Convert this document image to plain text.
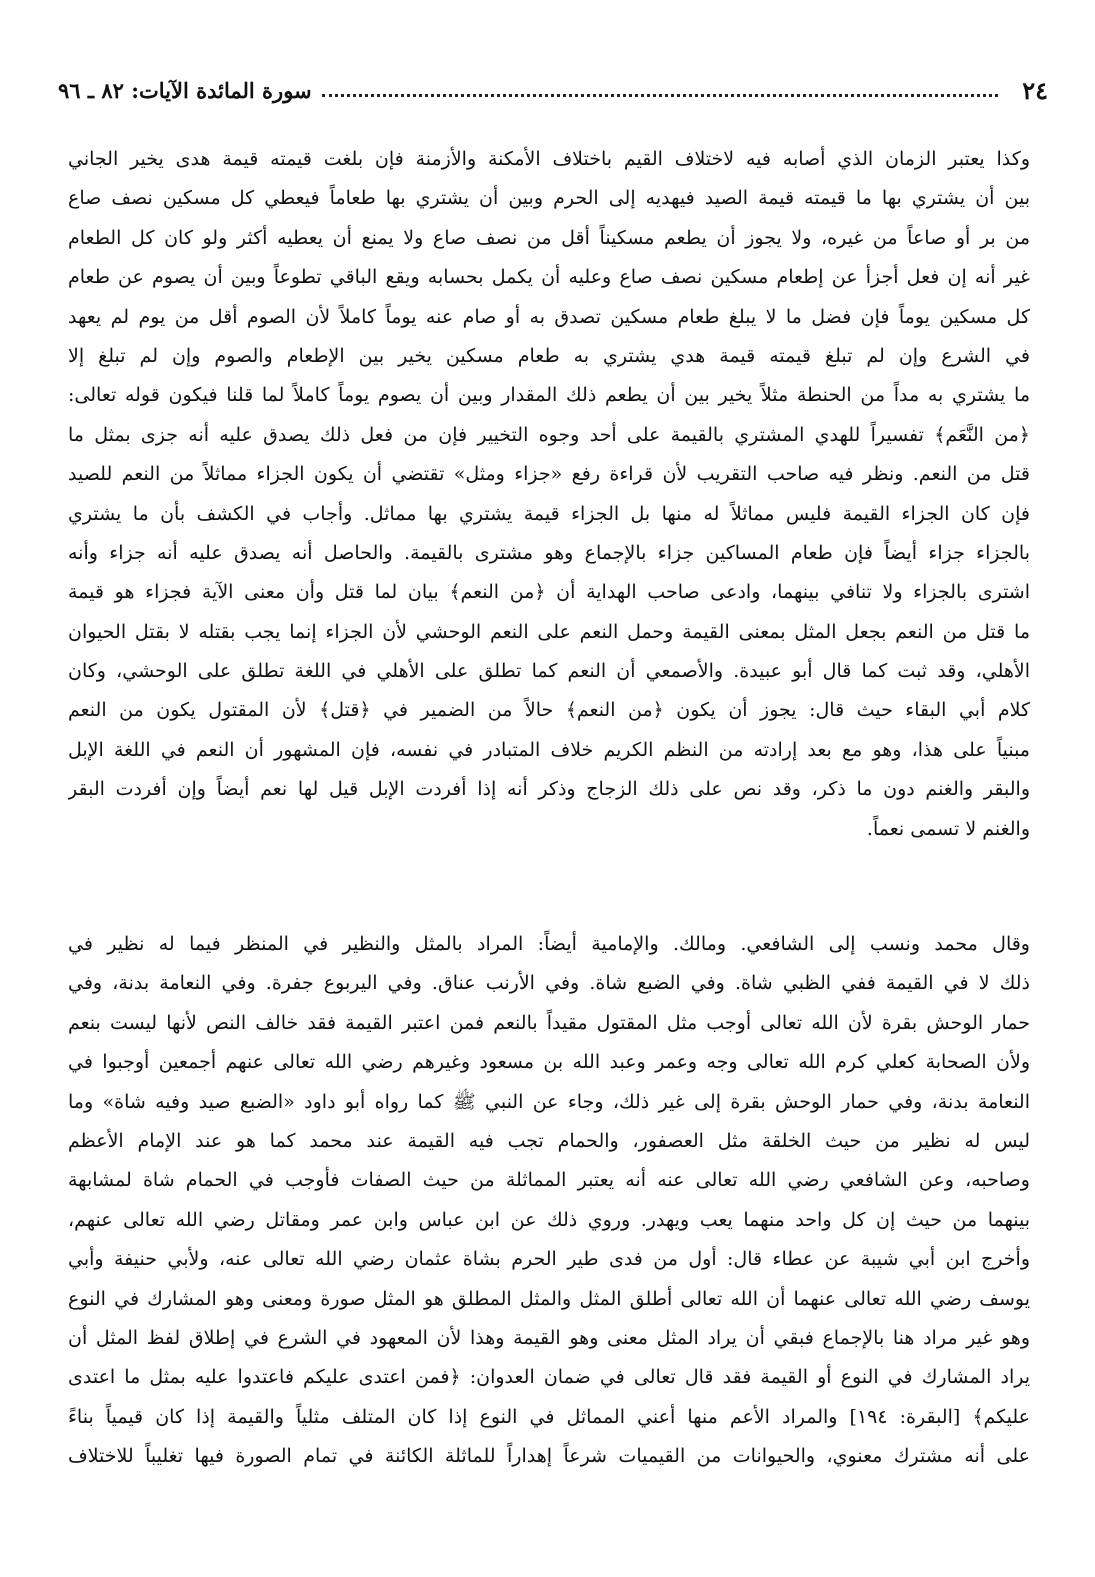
٢٤
سورة المائدة الآيات: ٨٢ ـ ٩٦
وكذا يعتبر الزمان الذي أصابه فيه لاختلاف القيم باختلاف الأمكنة والأزمنة فإن بلغت قيمته قيمة هدى يخير الجاني
بين أن يشتري بها ما قيمته قيمة الصيد فيهديه إلى الحرم وبين أن يشتري بها طعاماً فيعطي كل مسكين نصف صاع
من بر أو صاعاً من غيره، ولا يجوز أن يطعم مسكيناً أقل من نصف صاع ولا يمنع أن يعطيه أكثر ولو كان كل الطعام
غير أنه إن فعل أجزأ عن إطعام مسكين نصف صاع وعليه أن يكمل بحسابه ويقع الباقي تطوعاً وبين أن يصوم عن طعام
كل مسكين يوماً فإن فضل ما لا يبلغ طعام مسكين تصدق به أو صام عنه يوماً كاملاً لأن الصوم أقل من يوم لم يعهد
في الشرع وإن لم تبلغ قيمته قيمة هدي يشتري به طعام مسكين يخير بين الإطعام والصوم وإن لم تبلغ إلا
ما يشتري به مداً من الحنطة مثلاً يخير بين أن يطعم ذلك المقدار وبين أن يصوم يوماً كاملاً لما قلنا فيكون قوله تعالى:
﴿من النَّعَم﴾ تفسيراً للهدي المشتري بالقيمة على أحد وجوه التخيير فإن من فعل ذلك يصدق عليه أنه جزى بمثل ما
قتل من النعم. ونظر فيه صاحب التقريب لأن قراءة رفع «جزاء ومثل» تقتضي أن يكون الجزاء مماثلاً من النعم للصيد
فإن كان الجزاء القيمة فليس مماثلاً له منها بل الجزاء قيمة يشتري بها مماثل. وأجاب في الكشف بأن ما يشتري
بالجزاء جزاء أيضاً فإن طعام المساكين جزاء بالإجماع وهو مشترى بالقيمة. والحاصل أنه يصدق عليه أنه جزاء وأنه
اشترى بالجزاء ولا تنافي بينهما، وادعى صاحب الهداية أن ﴿من النعم﴾ بيان لما قتل وأن معنى الآية فجزاء هو قيمة
ما قتل من النعم بجعل المثل بمعنى القيمة وحمل النعم على النعم الوحشي لأن الجزاء إنما يجب بقتله لا بقتل الحيوان
الأهلي، وقد ثبت كما قال أبو عبيدة. والأصمعي أن النعم كما تطلق على الأهلي في اللغة تطلق على الوحشي، وكان
كلام أبي البقاء حيث قال: يجوز أن يكون ﴿من النعم﴾ حالاً من الضمير في ﴿قتل﴾ لأن المقتول يكون من النعم
مبنياً على هذا، وهو مع بعد إرادته من النظم الكريم خلاف المتبادر في نفسه، فإن المشهور أن النعم في اللغة الإبل
والبقر والغنم دون ما ذكر، وقد نص على ذلك الزجاج وذكر أنه إذا أفردت الإبل قيل لها نعم أيضاً وإن أفردت البقر
والغنم لا تسمى نعماً.
وقال محمد ونسب إلى الشافعي. ومالك. والإمامية أيضاً: المراد بالمثل والنظير في المنظر فيما له نظير في
ذلك لا في القيمة ففي الظبي شاة. وفي الضبع شاة. وفي الأرنب عناق. وفي اليربوع جفرة. وفي النعامة بدنة، وفي
حمار الوحش بقرة لأن الله تعالى أوجب مثل المقتول مقيداً بالنعم فمن اعتبر القيمة فقد خالف النص لأنها ليست بنعم
ولأن الصحابة كعلي كرم الله تعالى وجه وعمر وعبد الله بن مسعود وغيرهم رضي الله تعالى عنهم أجمعين أوجبوا في
النعامة بدنة، وفي حمار الوحش بقرة إلى غير ذلك، وجاء عن النبي ﷺ كما رواه أبو داود «الضبع صيد وفيه شاة» وما
ليس له نظير من حيث الخلقة مثل العصفور، والحمام تجب فيه القيمة عند محمد كما هو عند الإمام الأعظم
وصاحبه، وعن الشافعي رضي الله تعالى عنه أنه يعتبر المماثلة من حيث الصفات فأوجب في الحمام شاة لمشابهة
بينهما من حيث إن كل واحد منهما يعب ويهدر. وروي ذلك عن ابن عباس وابن عمر ومقاتل رضي الله تعالى عنهم،
وأخرج ابن أبي شيبة عن عطاء قال: أول من فدى طير الحرم بشاة عثمان رضي الله تعالى عنه، ولأبي حنيفة وأبي
يوسف رضي الله تعالى عنهما أن الله تعالى أطلق المثل والمثل المطلق هو المثل صورة ومعنى وهو المشارك في النوع
وهو غير مراد هنا بالإجماع فبقي أن يراد المثل معنى وهو القيمة وهذا لأن المعهود في الشرع في إطلاق لفظ المثل أن
يراد المشارك في النوع أو القيمة فقد قال تعالى في ضمان العدوان: ﴿فمن اعتدى عليكم فاعتدوا عليه بمثل ما اعتدى
عليكم﴾ [البقرة: ١٩٤] والمراد الأعم منها أعني المماثل في النوع إذا كان المتلف مثلياً والقيمة إذا كان قيمياً بناءً
على أنه مشترك معنوي، والحيوانات من القيميات شرعاً إهداراً للماثلة الكائنة في تمام الصورة فيها تغليباً للاختلاف
